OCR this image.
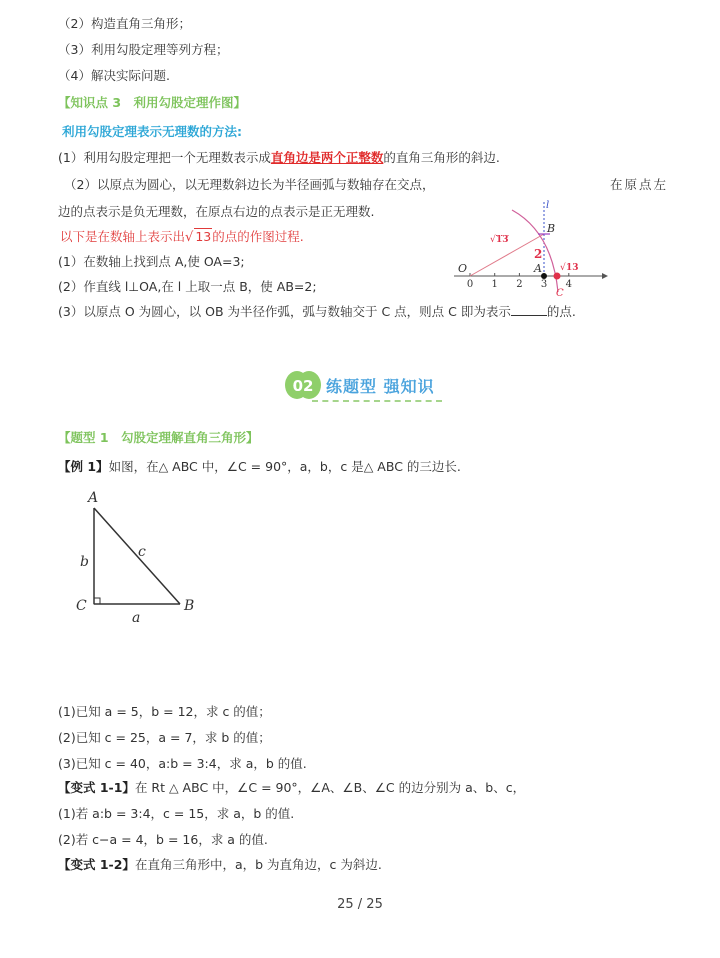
（2）构造直角三角形；
（3）利用勾股定理等列方程；
（4）解决实际问题.
【知识点 3　利用勾股定理作图】
利用勾股定理表示无理数的方法:
(1）利用勾股定理把一个无理数表示成直角边是两个正整数的直角三角形的斜边.
（2）以原点为圆心，以无理数斜边长为半径画弧与数轴存在交点，	在原点左
边的点表示是负无理数，在原点右边的点表示是正无理数.
以下是在数轴上表示出√ 13的点的作图过程.
(1）在数轴上找到点 A,使 OA=3;
(2）作直线 l⊥OA,在 l 上取一点 B，使 AB=2;
(3）以原点 O 为圆心，以 OB 为半径作弧，弧与数轴交于 C 点，则点 C 即为表示	的点.
0 1 2 3 4
O	A
B
l
C
2
√ 13
√ 13
02 练题型 强知识
【题型 1　勾股定理解直角三角形】
【例 1】如图，在△ ABC 中，∠C = 90°，a，b，c 是△ ABC 的三边长.
A
C	B
b
a
c
(1)已知 a = 5，b = 12，求 c 的值；
(2)已知 c = 25，a = 7，求 b 的值；
(3)已知 c = 40，a:b = 3:4，求 a，b 的值.
【变式 1-1】在 Rt △ ABC 中，∠C = 90°，∠A、∠B、∠C 的边分别为 a、b、c，
(1)若 a:b = 3:4，c = 15，求 a，b 的值.
(2)若 c−a = 4，b = 16，求 a 的值.
【变式 1-2】在直角三角形中，a，b 为直角边，c 为斜边.
25 / 25
